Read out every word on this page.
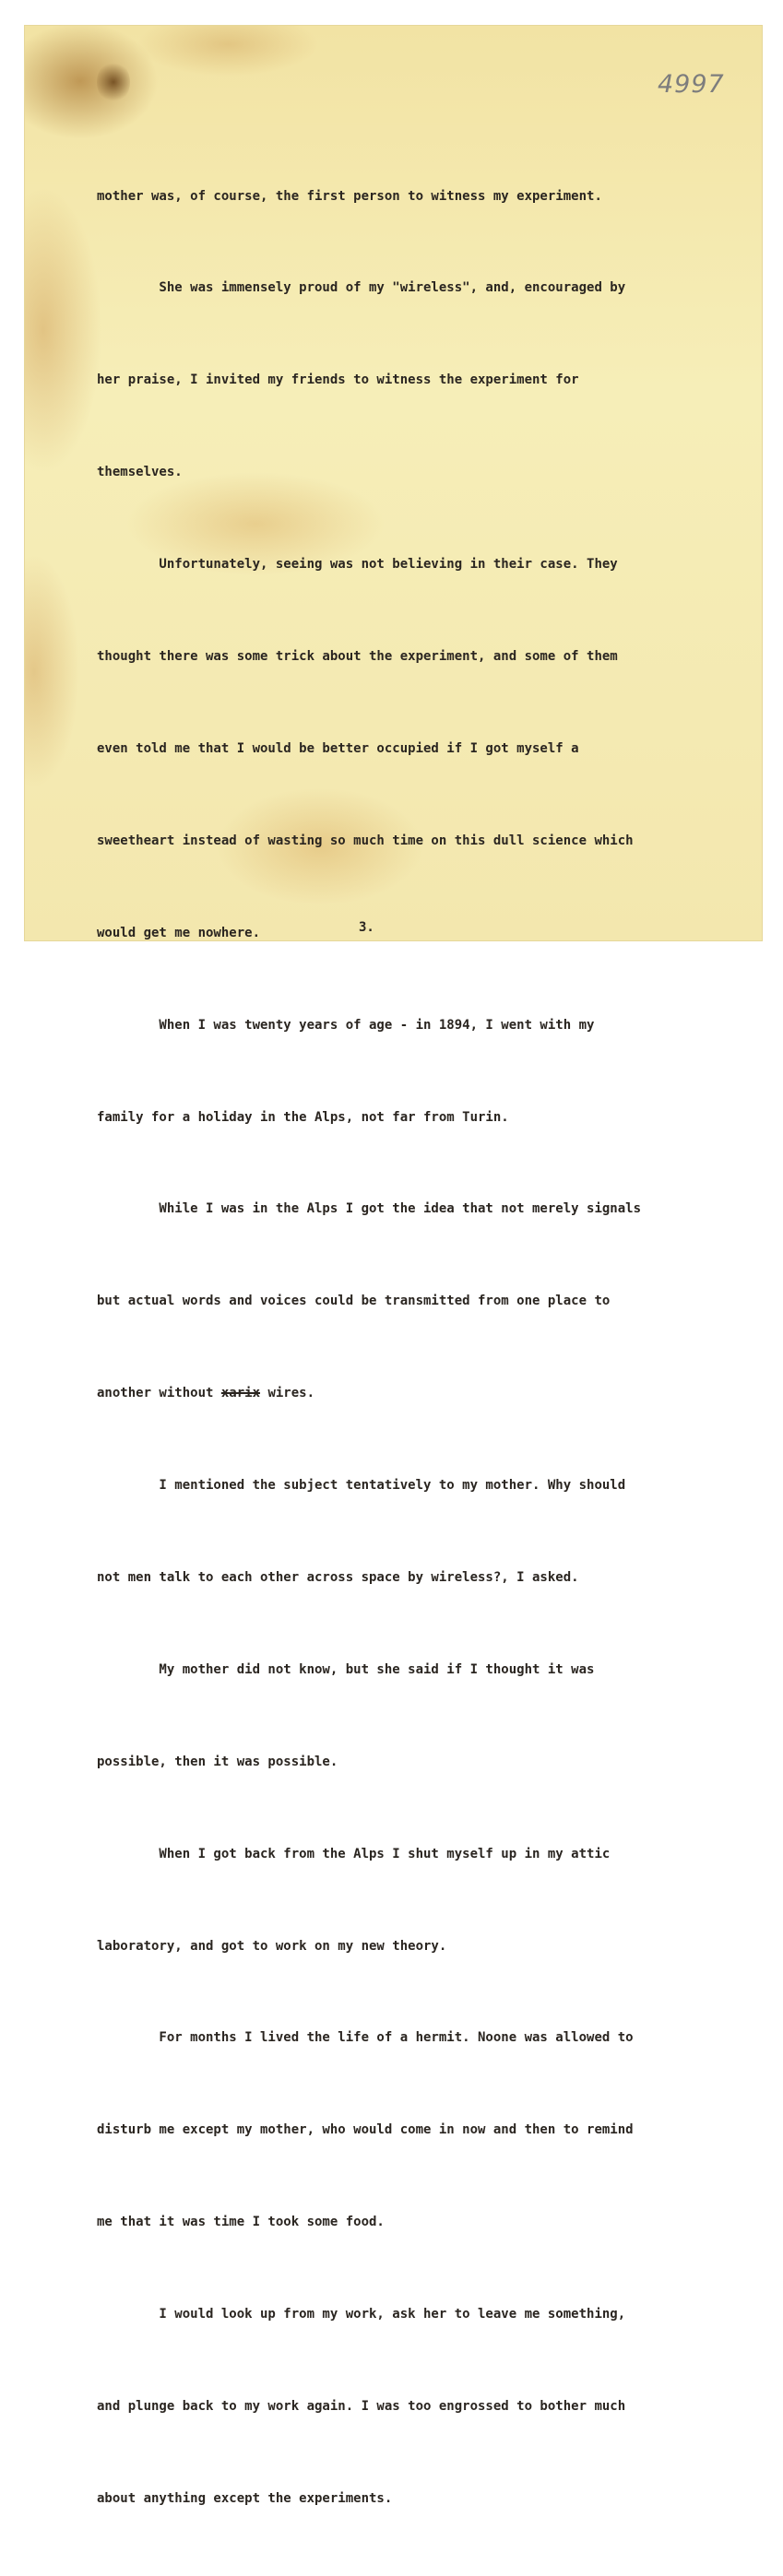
4997

mother was, of course, the first person to witness my experiment.

She was immensely proud of my "wireless", and, encouraged by

her praise, I invited my friends to witness the experiment for

themselves.

Unfortunately, seeing was not believing in their case. They

thought there was some trick about the experiment, and some of them

even told me that I would be better occupied if I got myself a

sweetheart instead of wasting so much time on this dull science which

would get me nowhere.

When I was twenty years of age - in 1894, I went with my

family for a holiday in the Alps, not far from Turin.

While I was in the Alps I got the idea that not merely signals

but actual words and voices could be transmitted from one place to

another without xarix wires.

I mentioned the subject tentatively to my mother. Why should

not men talk to each other across space by wireless?, I asked.

My mother did not know, but she said if I thought it was

possible, then it was possible.

When I got back from the Alps I shut myself up in my attic

laboratory, and got to work on my new theory.

For months I lived the life of a hermit. Noone was allowed to

disturb me except my mother, who would come in now and then to remind

me that it was time I took some food.

I would look up from my work, ask her to leave me something,

and plunge back to my work again. I was too engrossed to bother much

about anything except the experiments.

3.
